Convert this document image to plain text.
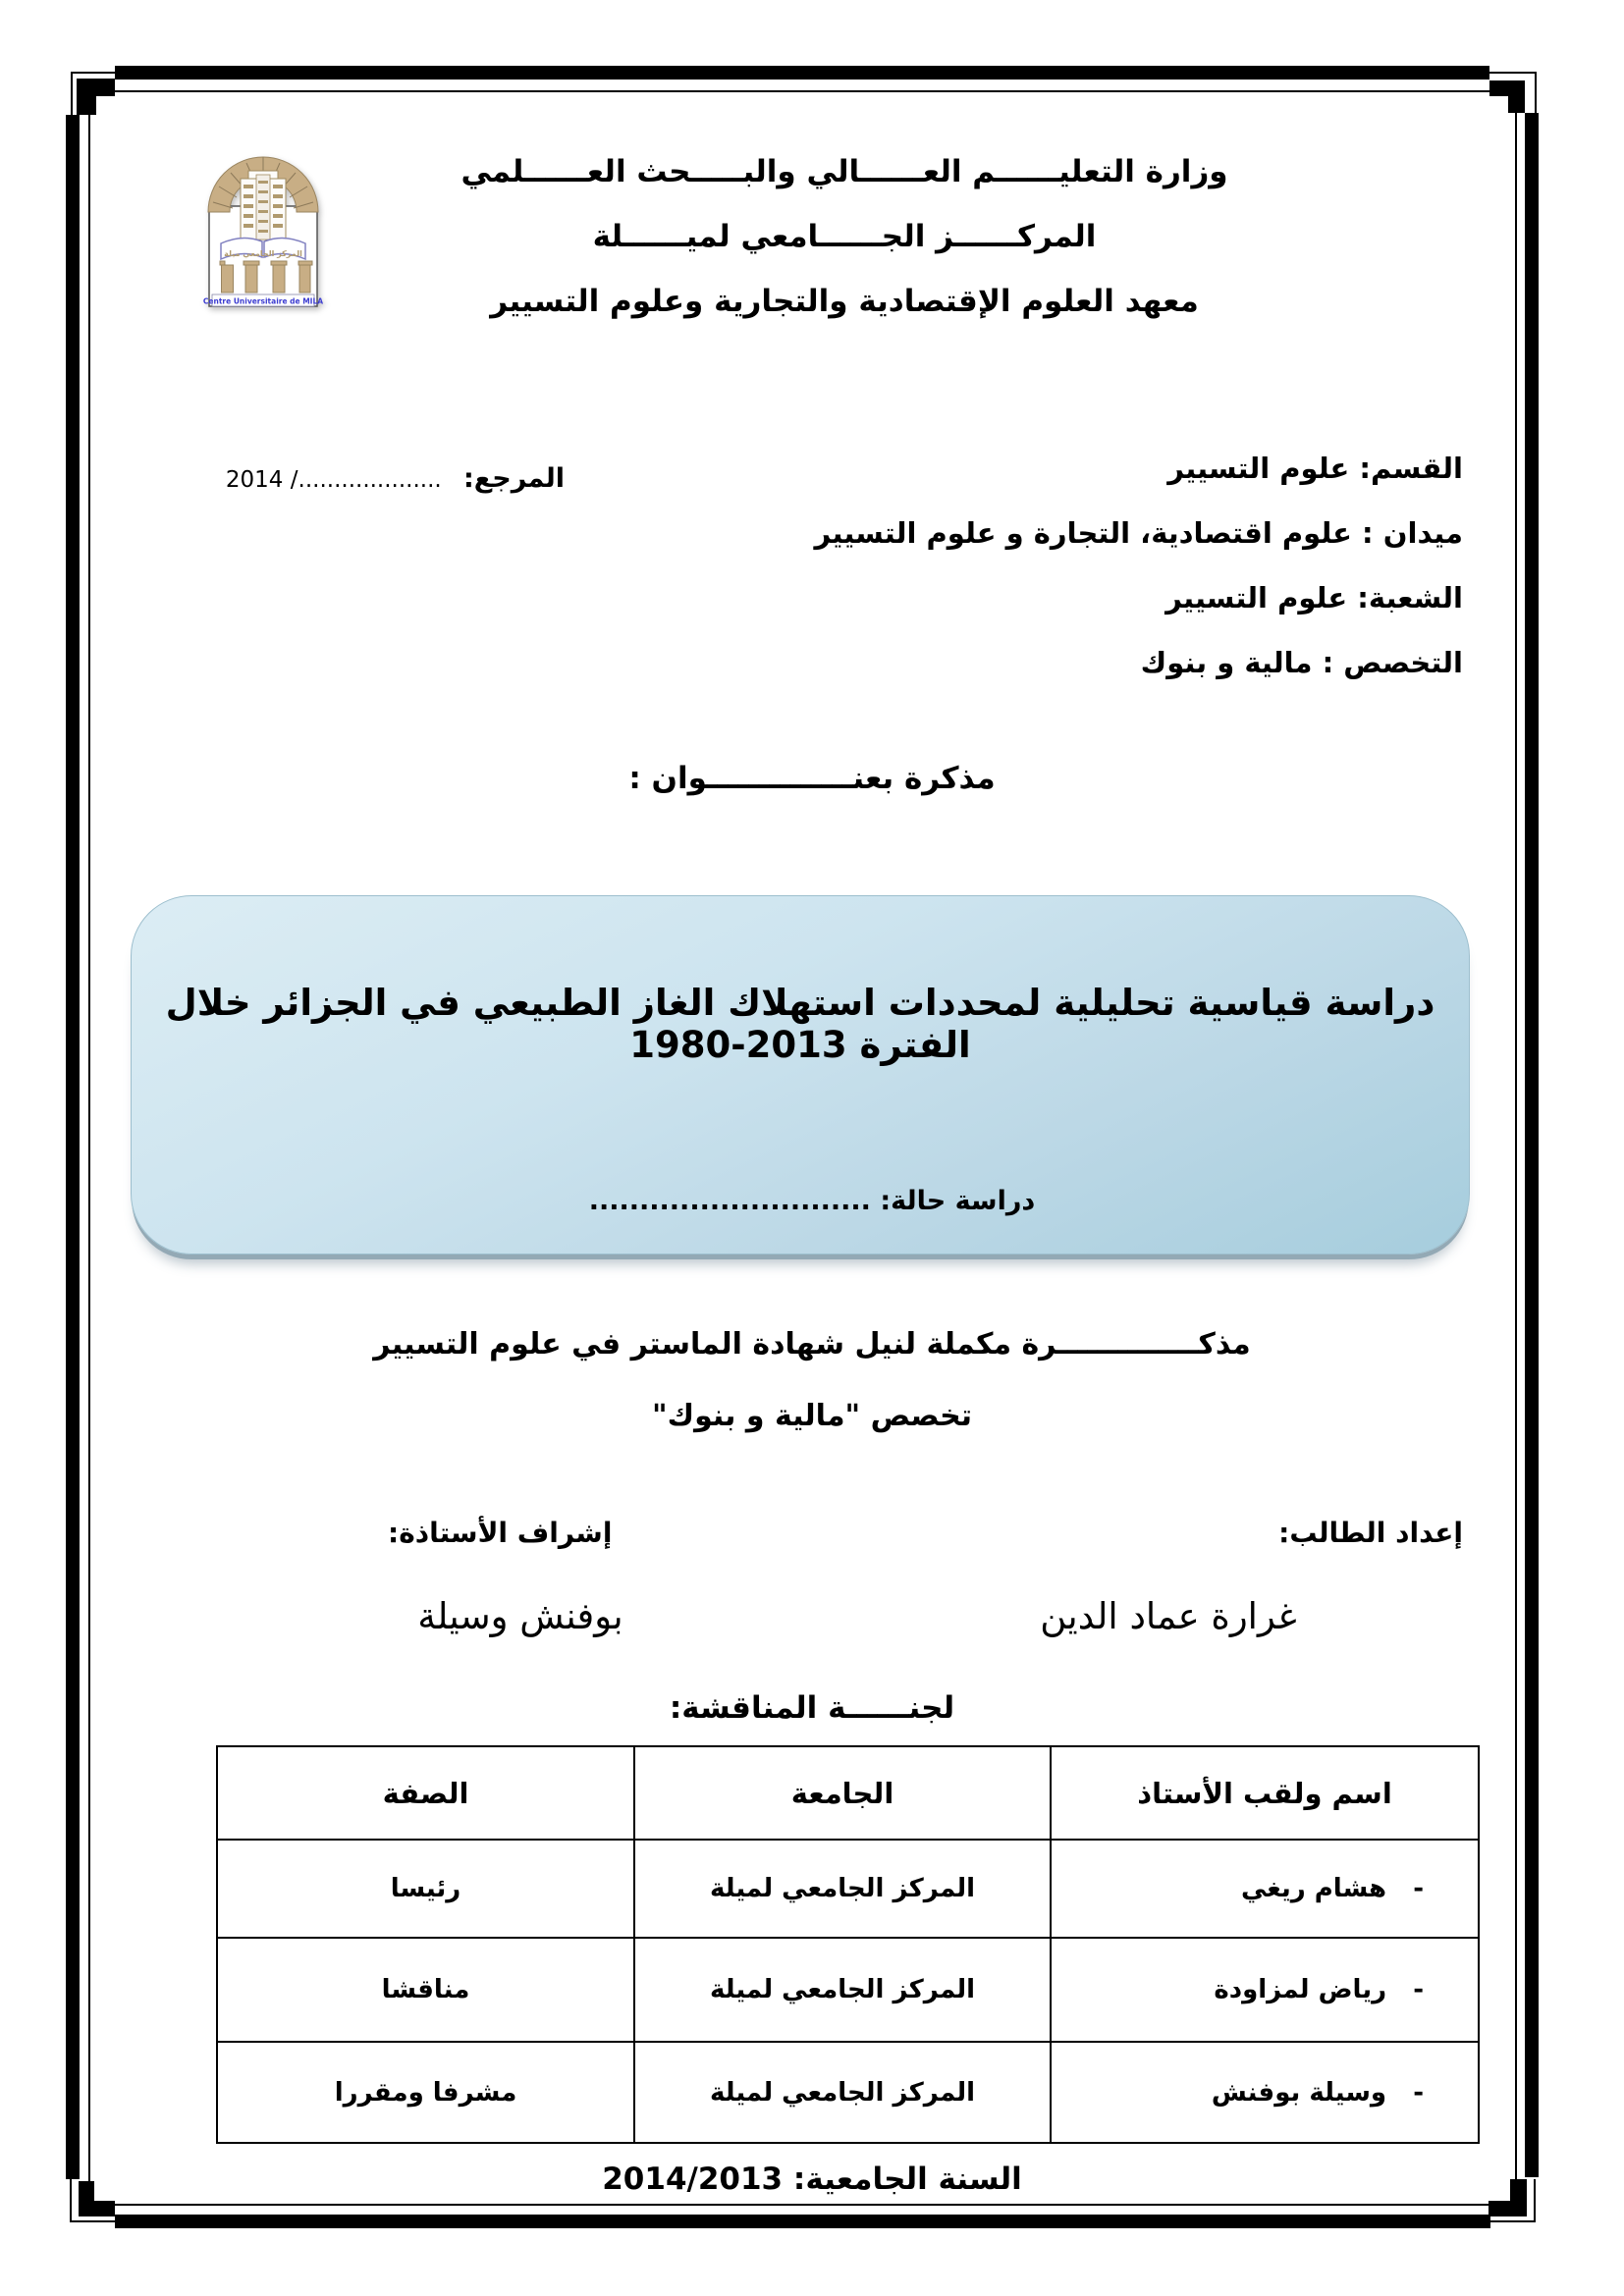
المركز الجامعي ميلة
Centre Universitaire de MILA
وزارة التعليــــــم العــــــالي والبـــــحث العــــــلمي
المركــــــز الجــــــامعي لميــــــلة
معهد العلوم الإقتصادية والتجارية وعلوم التسيير
القسم: علوم التسيير
ميدان : علوم اقتصادية، التجارة و علوم التسيير
الشعبة: علوم التسيير
التخصص : مالية و بنوك
المرجع: ..................../ 2014
مذكرة بعنــــــــــــــوان :
دراسة قياسية تحليلية لمحددات استهلاك الغاز الطبيعي في الجزائر خلال الفترة 2013-1980
دراسة حالة: ............................
مذكــــــــــــــرة مكملة لنيل شهادة الماستر في علوم التسيير
تخصص "مالية و بنوك"
إعداد الطالب:
إشراف الأستاذة:
غرارة عماد الدين
بوفنش وسيلة
لجنــــــة المناقشة:
اسم ولقب الأستاذ	الجامعة	الصفة
-   هشام ريغي	المركز الجامعي لميلة	رئيسا
-   رياض لمزاودة	المركز الجامعي لميلة	مناقشا
-   وسيلة بوفنش	المركز الجامعي لميلة	مشرفا ومقررا
السنة الجامعية: 2014/2013
